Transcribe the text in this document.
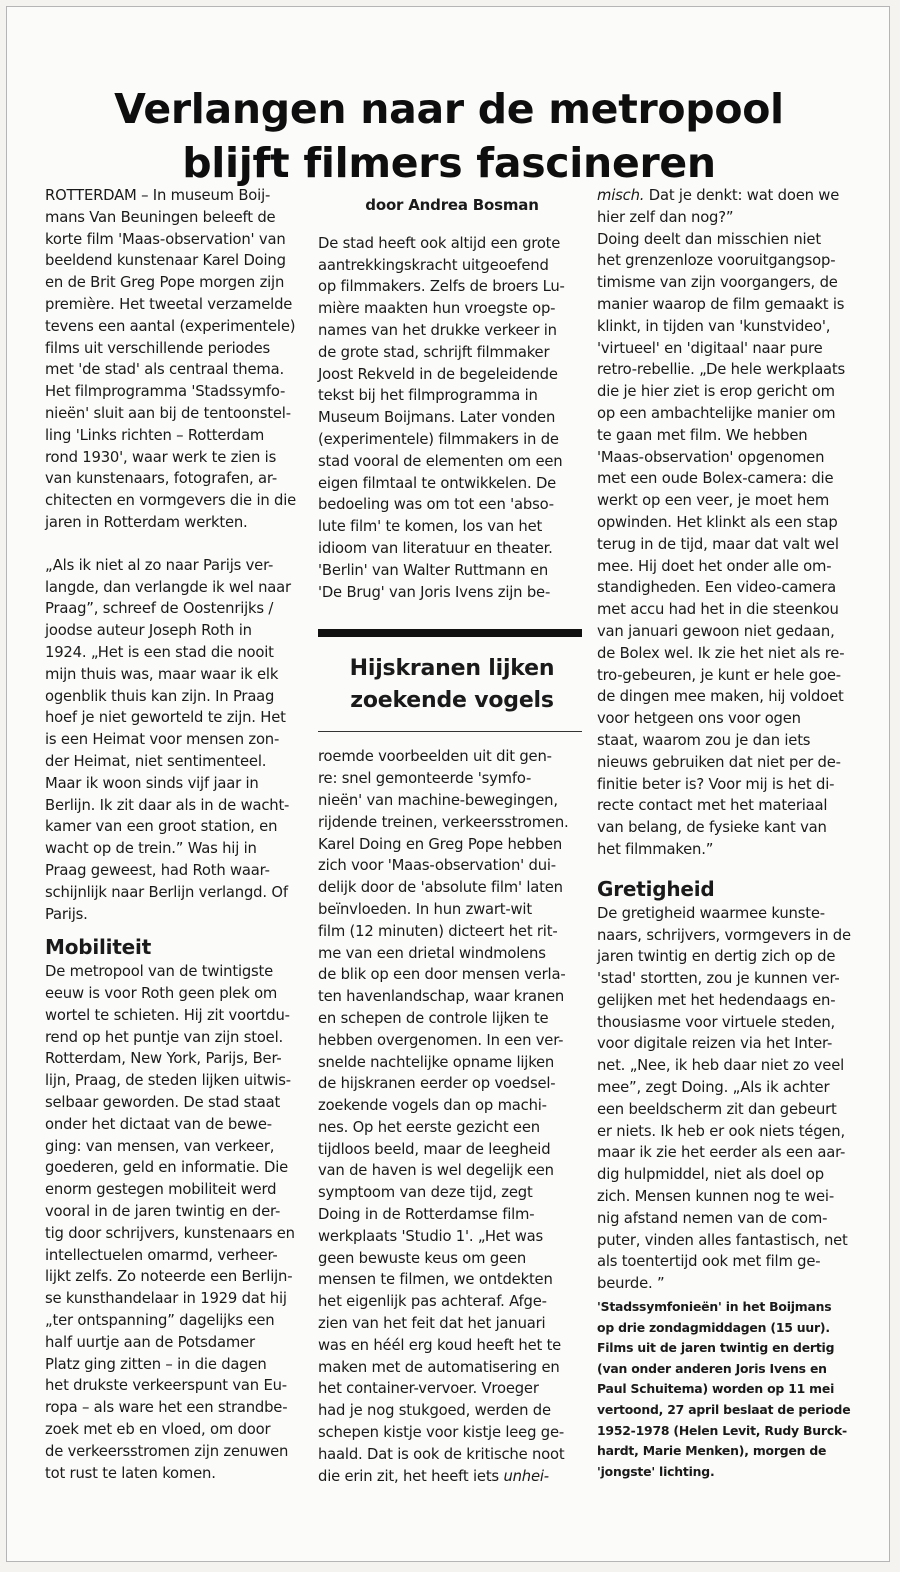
Verlangen naar de metropool
blijft filmers fascineren

ROTTERDAM – In museum Boij-
mans Van Beuningen beleeft de
korte film 'Maas-observation' van
beeldend kunstenaar Karel Doing
en de Brit Greg Pope morgen zijn
première. Het tweetal verzamelde
tevens een aantal (experimentele)
films uit verschillende periodes
met 'de stad' als centraal thema.
Het filmprogramma 'Stadssymfo-
nieën' sluit aan bij de tentoonstel-
ling 'Links richten – Rotterdam
rond 1930', waar werk te zien is
van kunstenaars, fotografen, ar-
chitecten en vormgevers die in die
jaren in Rotterdam werkten.

„Als ik niet al zo naar Parijs ver-
langde, dan verlangde ik wel naar
Praag”, schreef de Oostenrijks /
joodse auteur Joseph Roth in
1924. „Het is een stad die nooit
mijn thuis was, maar waar ik elk
ogenblik thuis kan zijn. In Praag
hoef je niet geworteld te zijn. Het
is een Heimat voor mensen zon-
der Heimat, niet sentimenteel.
Maar ik woon sinds vijf jaar in
Berlijn. Ik zit daar als in de wacht-
kamer van een groot station, en
wacht op de trein.” Was hij in
Praag geweest, had Roth waar-
schijnlijk naar Berlijn verlangd. Of
Parijs.

Mobiliteit

De metropool van de twintigste
eeuw is voor Roth geen plek om
wortel te schieten. Hij zit voortdu-
rend op het puntje van zijn stoel.
Rotterdam, New York, Parijs, Ber-
lijn, Praag, de steden lijken uitwis-
selbaar geworden. De stad staat
onder het dictaat van de bewe-
ging: van mensen, van verkeer,
goederen, geld en informatie. Die
enorm gestegen mobiliteit werd
vooral in de jaren twintig en der-
tig door schrijvers, kunstenaars en
intellectuelen omarmd, verheer-
lijkt zelfs. Zo noteerde een Berlijn-
se kunsthandelaar in 1929 dat hij
„ter ontspanning” dagelijks een
half uurtje aan de Potsdamer
Platz ging zitten – in die dagen
het drukste verkeerspunt van Eu-
ropa – als ware het een strandbe-
zoek met eb en vloed, om door
de verkeersstromen zijn zenuwen
tot rust te laten komen.

door Andrea Bosman

De stad heeft ook altijd een grote
aantrekkingskracht uitgeoefend
op filmmakers. Zelfs de broers Lu-
mière maakten hun vroegste op-
names van het drukke verkeer in
de grote stad, schrijft filmmaker
Joost Rekveld in de begeleidende
tekst bij het filmprogramma in
Museum Boijmans. Later vonden
(experimentele) filmmakers in de
stad vooral de elementen om een
eigen filmtaal te ontwikkelen. De
bedoeling was om tot een 'abso-
lute film' te komen, los van het
idioom van literatuur en theater.
'Berlin' van Walter Ruttmann en
'De Brug' van Joris Ivens zijn be-

Hijskranen lijken
zoekende vogels

roemde voorbeelden uit dit gen-
re: snel gemonteerde 'symfo-
nieën' van machine-bewegingen,
rijdende treinen, verkeersstromen.
Karel Doing en Greg Pope hebben
zich voor 'Maas-observation' dui-
delijk door de 'absolute film' laten
beïnvloeden. In hun zwart-wit
film (12 minuten) dicteert het rit-
me van een drietal windmolens
de blik op een door mensen verla-
ten havenlandschap, waar kranen
en schepen de controle lijken te
hebben overgenomen. In een ver-
snelde nachtelijke opname lijken
de hijskranen eerder op voedsel-
zoekende vogels dan op machi-
nes. Op het eerste gezicht een
tijdloos beeld, maar de leegheid
van de haven is wel degelijk een
symptoom van deze tijd, zegt
Doing in de Rotterdamse film-
werkplaats 'Studio 1'. „Het was
geen bewuste keus om geen
mensen te filmen, we ontdekten
het eigenlijk pas achteraf. Afge-
zien van het feit dat het januari
was en héél erg koud heeft het te
maken met de automatisering en
het container-vervoer. Vroeger
had je nog stukgoed, werden de
schepen kistje voor kistje leeg ge-
haald. Dat is ook de kritische noot
die erin zit, het heeft iets unhei-

misch. Dat je denkt: wat doen we
hier zelf dan nog?”
Doing deelt dan misschien niet
het grenzenloze vooruitgangsop-
timisme van zijn voorgangers, de
manier waarop de film gemaakt is
klinkt, in tijden van 'kunstvideo',
'virtueel' en 'digitaal' naar pure
retro-rebellie. „De hele werkplaats
die je hier ziet is erop gericht om
op een ambachtelijke manier om
te gaan met film. We hebben
'Maas-observation' opgenomen
met een oude Bolex-camera: die
werkt op een veer, je moet hem
opwinden. Het klinkt als een stap
terug in de tijd, maar dat valt wel
mee. Hij doet het onder alle om-
standigheden. Een video-camera
met accu had het in die steenkou
van januari gewoon niet gedaan,
de Bolex wel. Ik zie het niet als re-
tro-gebeuren, je kunt er hele goe-
de dingen mee maken, hij voldoet
voor hetgeen ons voor ogen
staat, waarom zou je dan iets
nieuws gebruiken dat niet per de-
finitie beter is? Voor mij is het di-
recte contact met het materiaal
van belang, de fysieke kant van
het filmmaken.”

Gretigheid

De gretigheid waarmee kunste-
naars, schrijvers, vormgevers in de
jaren twintig en dertig zich op de
'stad' stortten, zou je kunnen ver-
gelijken met het hedendaags en-
thousiasme voor virtuele steden,
voor digitale reizen via het Inter-
net. „Nee, ik heb daar niet zo veel
mee”, zegt Doing. „Als ik achter
een beeldscherm zit dan gebeurt
er niets. Ik heb er ook niets tégen,
maar ik zie het eerder als een aar-
dig hulpmiddel, niet als doel op
zich. Mensen kunnen nog te wei-
nig afstand nemen van de com-
puter, vinden alles fantastisch, net
als toentertijd ook met film ge-
beurde. ”

'Stadssymfonieën' in het Boijmans
op drie zondagmiddagen (15 uur).
Films uit de jaren twintig en dertig
(van onder anderen Joris Ivens en
Paul Schuitema) worden op 11 mei
vertoond, 27 april beslaat de periode
1952-1978 (Helen Levit, Rudy Burck-
hardt, Marie Menken), morgen de
'jongste' lichting.
